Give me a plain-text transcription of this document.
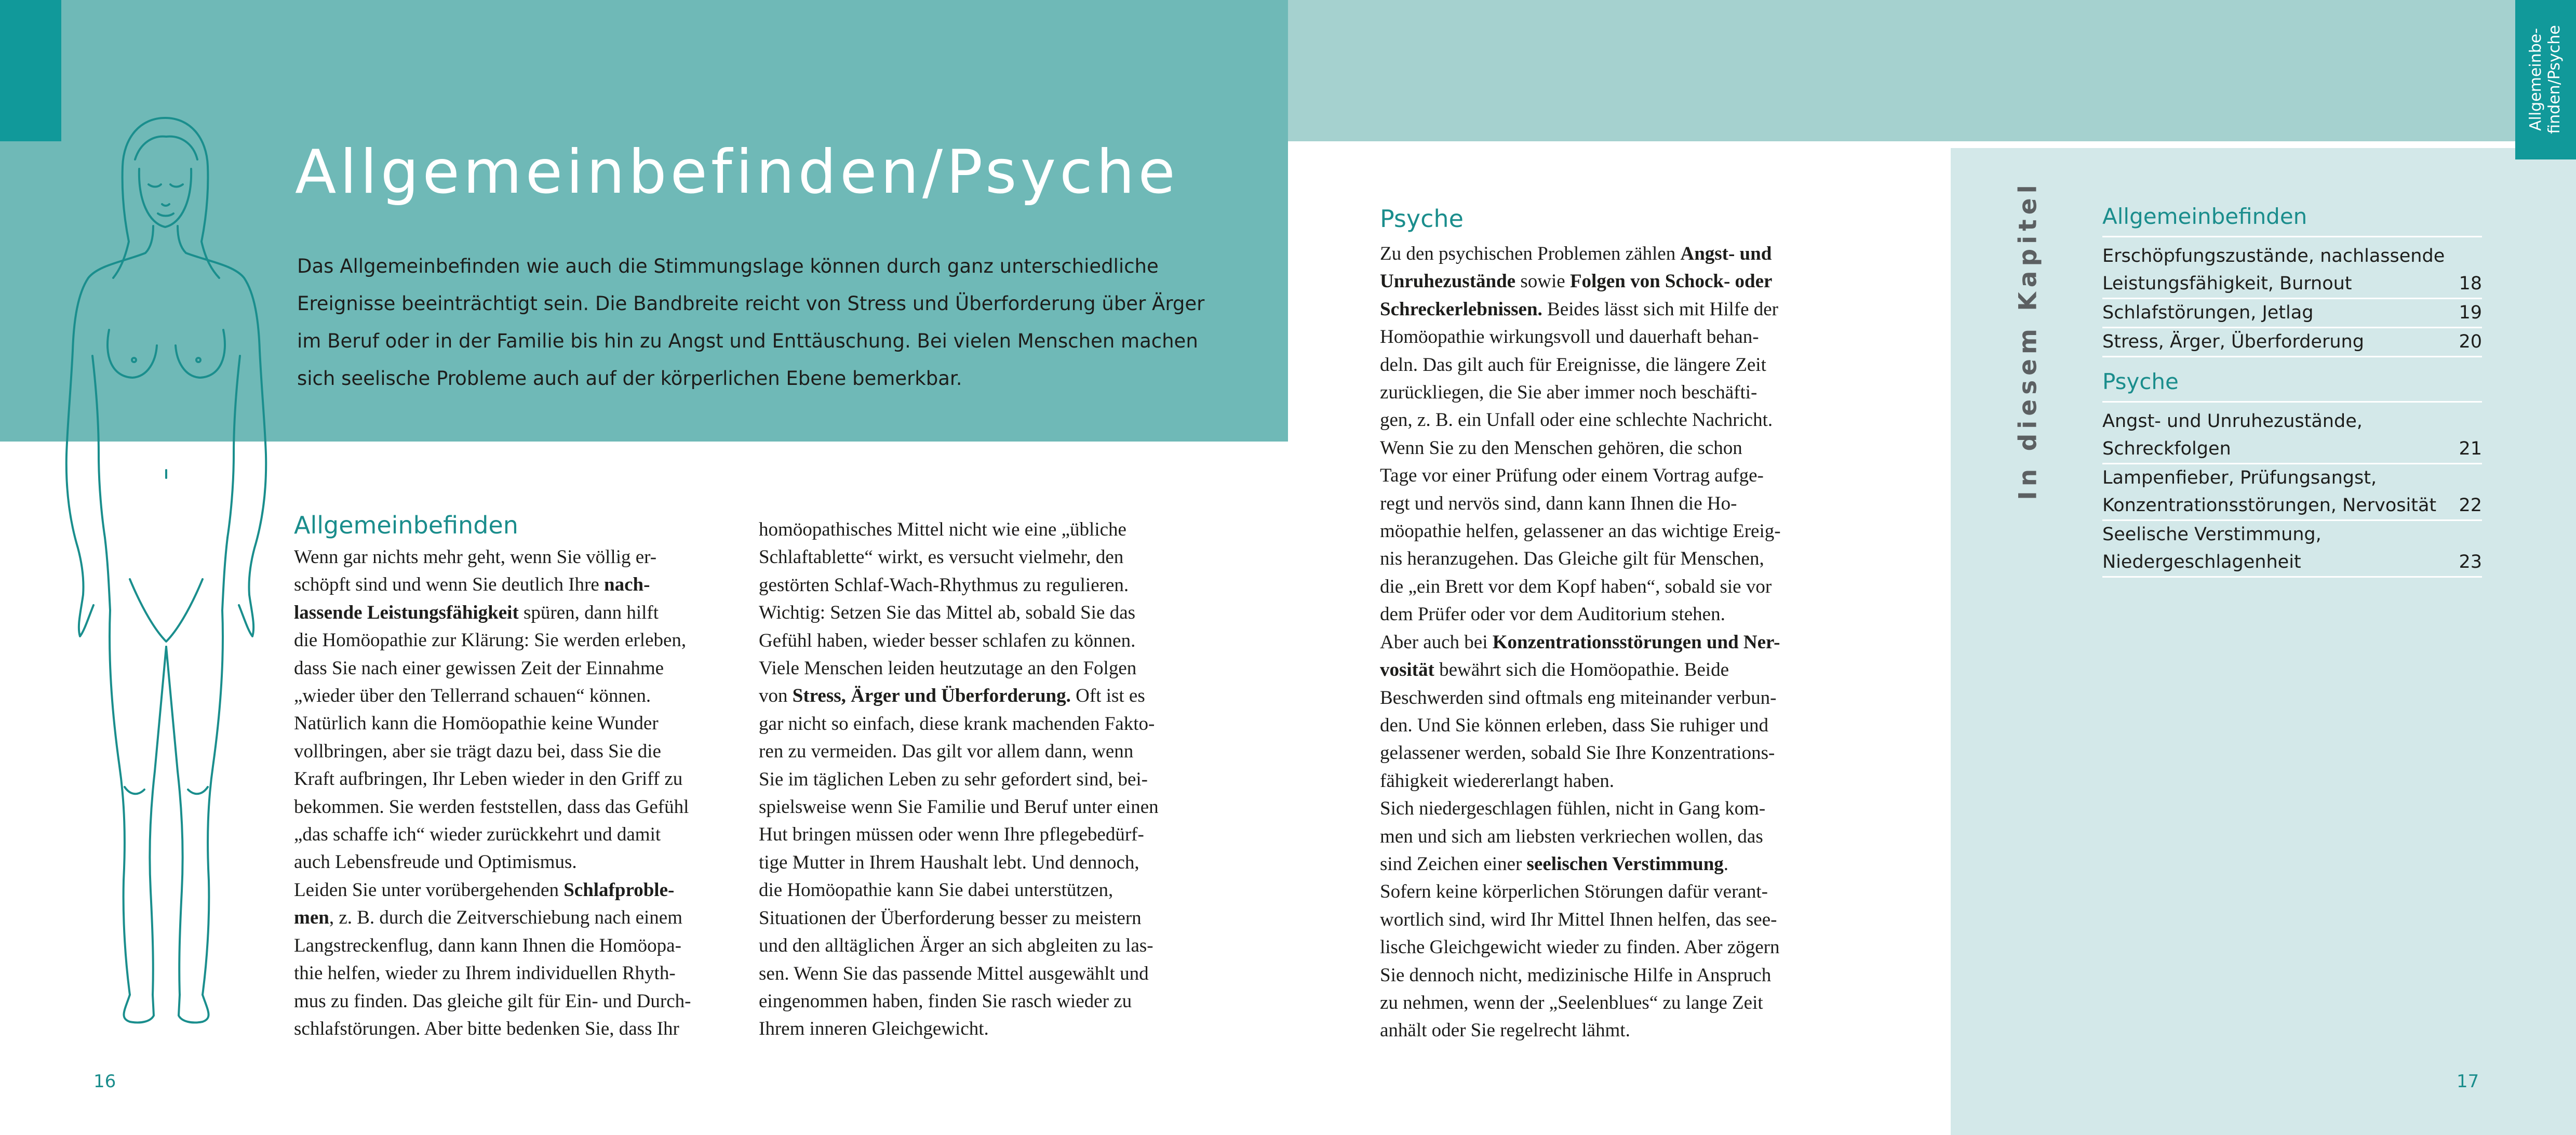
Allgemeinbefinden/Psyche
Das Allgemeinbefinden wie auch die Stimmungslage können durch ganz unterschiedliche
Ereignisse beeinträchtigt sein. Die Bandbreite reicht von Stress und Überforderung über Ärger
im Beruf oder in der Familie bis hin zu Angst und Enttäuschung. Bei vielen Menschen machen
sich seelische Probleme auch auf der körperlichen Ebene bemerkbar.
Allgemeinbefinden
Wenn gar nichts mehr geht, wenn Sie völlig er-
schöpft sind und wenn Sie deutlich Ihre nach-
lassende Leistungsfähigkeit spüren, dann hilft
die Homöopathie zur Klärung: Sie werden erleben,
dass Sie nach einer gewissen Zeit der Einnahme
„wieder über den Tellerrand schauen“ können.
Natürlich kann die Homöopathie keine Wunder
vollbringen, aber sie trägt dazu bei, dass Sie die
Kraft aufbringen, Ihr Leben wieder in den Griff zu
bekommen. Sie werden feststellen, dass das Gefühl
„das schaffe ich“ wieder zurückkehrt und damit
auch Lebensfreude und Optimismus.
Leiden Sie unter vorübergehenden Schlafproble-
men, z. B. durch die Zeitverschiebung nach einem
Langstreckenflug, dann kann Ihnen die Homöopa-
thie helfen, wieder zu Ihrem individuellen Rhyth-
mus zu finden. Das gleiche gilt für Ein- und Durch-
schlafstörungen. Aber bitte bedenken Sie, dass Ihr
homöopathisches Mittel nicht wie eine „übliche
Schlaftablette“ wirkt, es versucht vielmehr, den
gestörten Schlaf-Wach-Rhythmus zu regulieren.
Wichtig: Setzen Sie das Mittel ab, sobald Sie das
Gefühl haben, wieder besser schlafen zu können.
Viele Menschen leiden heutzutage an den Folgen
von Stress, Ärger und Überforderung. Oft ist es
gar nicht so einfach, diese krank machenden Fakto-
ren zu vermeiden. Das gilt vor allem dann, wenn
Sie im täglichen Leben zu sehr gefordert sind, bei-
spielsweise wenn Sie Familie und Beruf unter einen
Hut bringen müssen oder wenn Ihre pflegebedürf-
tige Mutter in Ihrem Haushalt lebt. Und dennoch,
die Homöopathie kann Sie dabei unterstützen,
Situationen der Überforderung besser zu meistern
und den alltäglichen Ärger an sich abgleiten zu las-
sen. Wenn Sie das passende Mittel ausgewählt und
eingenommen haben, finden Sie rasch wieder zu
Ihrem inneren Gleichgewicht.
16
Allgemeinbe- finden/Psyche
Psyche
Zu den psychischen Problemen zählen Angst- und
Unruhezustände sowie Folgen von Schock- oder
Schreckerlebnissen. Beides lässt sich mit Hilfe der
Homöopathie wirkungsvoll und dauerhaft behan-
deln. Das gilt auch für Ereignisse, die längere Zeit
zurückliegen, die Sie aber immer noch beschäfti-
gen, z. B. ein Unfall oder eine schlechte Nachricht.
Wenn Sie zu den Menschen gehören, die schon
Tage vor einer Prüfung oder einem Vortrag aufge-
regt und nervös sind, dann kann Ihnen die Ho-
möopathie helfen, gelassener an das wichtige Ereig-
nis heranzugehen. Das Gleiche gilt für Menschen,
die „ein Brett vor dem Kopf haben“, sobald sie vor
dem Prüfer oder vor dem Auditorium stehen.
Aber auch bei Konzentrationsstörungen und Ner-
vosität bewährt sich die Homöopathie. Beide
Beschwerden sind oftmals eng miteinander verbun-
den. Und Sie können erleben, dass Sie ruhiger und
gelassener werden, sobald Sie Ihre Konzentrations-
fähigkeit wiedererlangt haben.
Sich niedergeschlagen fühlen, nicht in Gang kom-
men und sich am liebsten verkriechen wollen, das
sind Zeichen einer seelischen Verstimmung.
Sofern keine körperlichen Störungen dafür verant-
wortlich sind, wird Ihr Mittel Ihnen helfen, das see-
lische Gleichgewicht wieder zu finden. Aber zögern
Sie dennoch nicht, medizinische Hilfe in Anspruch
zu nehmen, wenn der „Seelenblues“ zu lange Zeit
anhält oder Sie regelrecht lähmt.
In diesem Kapitel	Allgemeinbefinden
Erschöpfungszustände, nachlassende
Leistungsfähigkeit, Burnout	18
Schlafstörungen, Jetlag	19
Stress, Ärger, Überforderung	20
Psyche
Angst- und Unruhezustände,
Schreckfolgen	21
Lampenfieber, Prüfungsangst,
Konzentrationsstörungen, Nervosität	22
Seelische Verstimmung,
Niedergeschlagenheit	23
17
